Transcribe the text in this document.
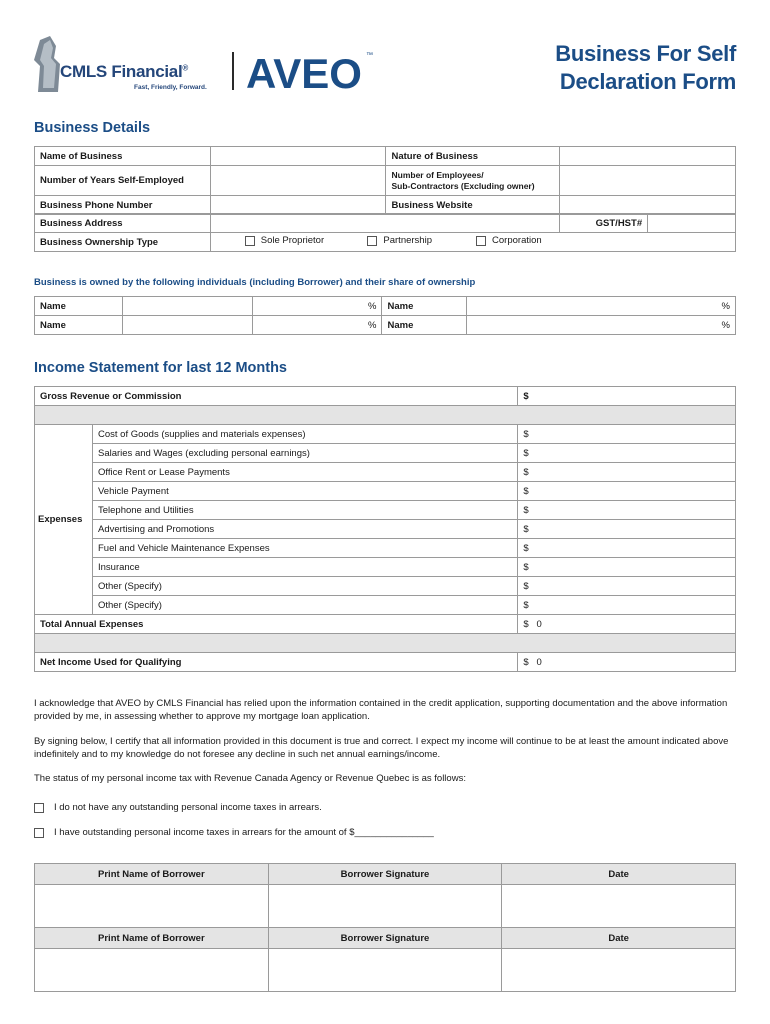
CMLS Financial®
Fast, Friendly, Forward. AVEO ™	Business For Self
Declaration Form
Business Details
Name of Business		Nature of Business	
Number of Years Self-Employed		Number of Employees/
Sub-Contractors (Excluding owner)	

Business Phone Number		Business Website	
Business Address		GST/HST#	
Business Ownership Type	Sole Proprietor
Partnership
Corporation		
Business is owned by the following individuals (including Borrower) and their share of ownership
Name		%	Name	%
Name		%	Name	%
Income Statement for last 12 Months
Gross Revenue or Commission		$

Expenses	Cost of Goods (supplies and materials expenses)	$
	Salaries and Wages (excluding personal earnings)	$
	Office Rent or Lease Payments	$
	Vehicle Payment	$
	Telephone and Utilities	$
	Advertising and Promotions	$
	Fuel and Vehicle Maintenance Expenses	$
	Insurance	$
	Other (Specify)	$
	Other (Specify)	$
Total Annual Expenses		$ 0

Net Income Used for Qualifying		$ 0
I acknowledge that AVEO by CMLS Financial has relied upon the information contained in the credit application, supporting documentation and the above information provided by me, in assessing whether to approve my mortgage loan application.
By signing below, I certify that all information provided in this document is true and correct. I expect my income will continue to be at least the amount indicated above indefinitely and to my knowledge do not foresee any decline in such net annual earnings/income.
The status of my personal income tax with Revenue Canada Agency or Revenue Quebec is as follows:
I do not have any outstanding personal income taxes in arrears.
I have outstanding personal income taxes in arrears for the amount of $_______________
Print Name of Borrower	Borrower Signature	Date

Print Name of Borrower	Borrower Signature	Date
